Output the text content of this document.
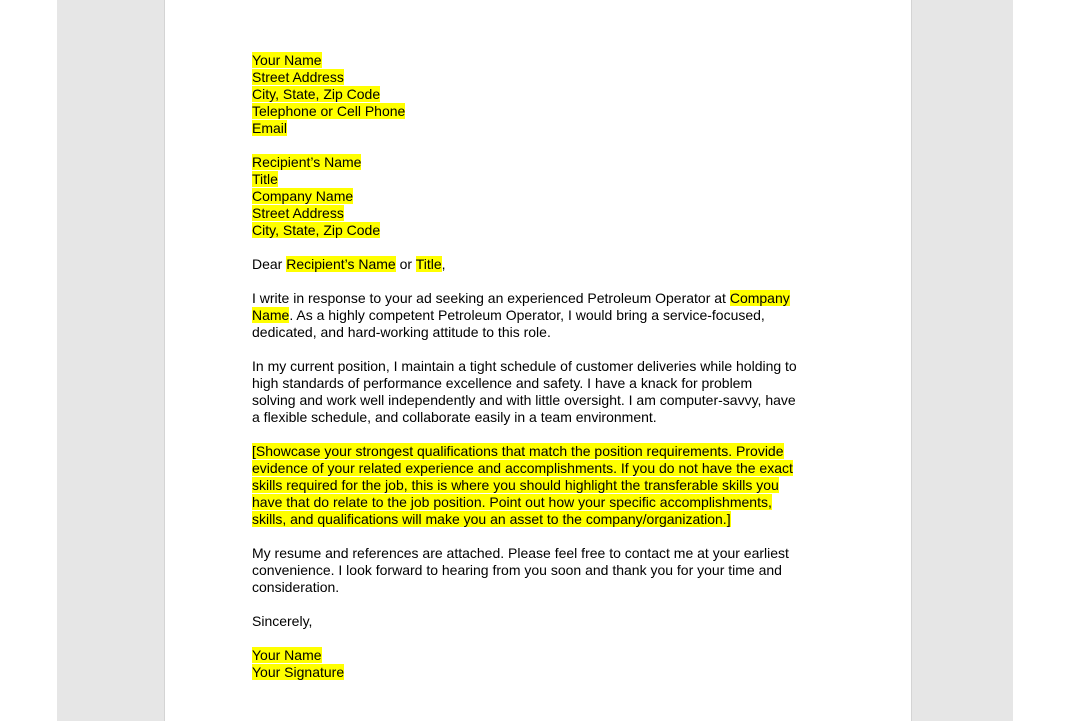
Your Name
Street Address
City, State, Zip Code
Telephone or Cell Phone
Email
Recipient’s Name
Title
Company Name
Street Address
City, State, Zip Code
Dear Recipient’s Name or Title,
I write in response to your ad seeking an experienced Petroleum Operator at Company
Name. As a highly competent Petroleum Operator, I would bring a service-focused,
dedicated, and hard-working attitude to this role.
In my current position, I maintain a tight schedule of customer deliveries while holding to
high standards of performance excellence and safety. I have a knack for problem
solving and work well independently and with little oversight. I am computer-savvy, have
a flexible schedule, and collaborate easily in a team environment.
[Showcase your strongest qualifications that match the position requirements. Provide
evidence of your related experience and accomplishments. If you do not have the exact
skills required for the job, this is where you should highlight the transferable skills you
have that do relate to the job position. Point out how your specific accomplishments,
skills, and qualifications will make you an asset to the company/organization.]
My resume and references are attached. Please feel free to contact me at your earliest
convenience. I look forward to hearing from you soon and thank you for your time and
consideration.
Sincerely,
Your Name
Your Signature
